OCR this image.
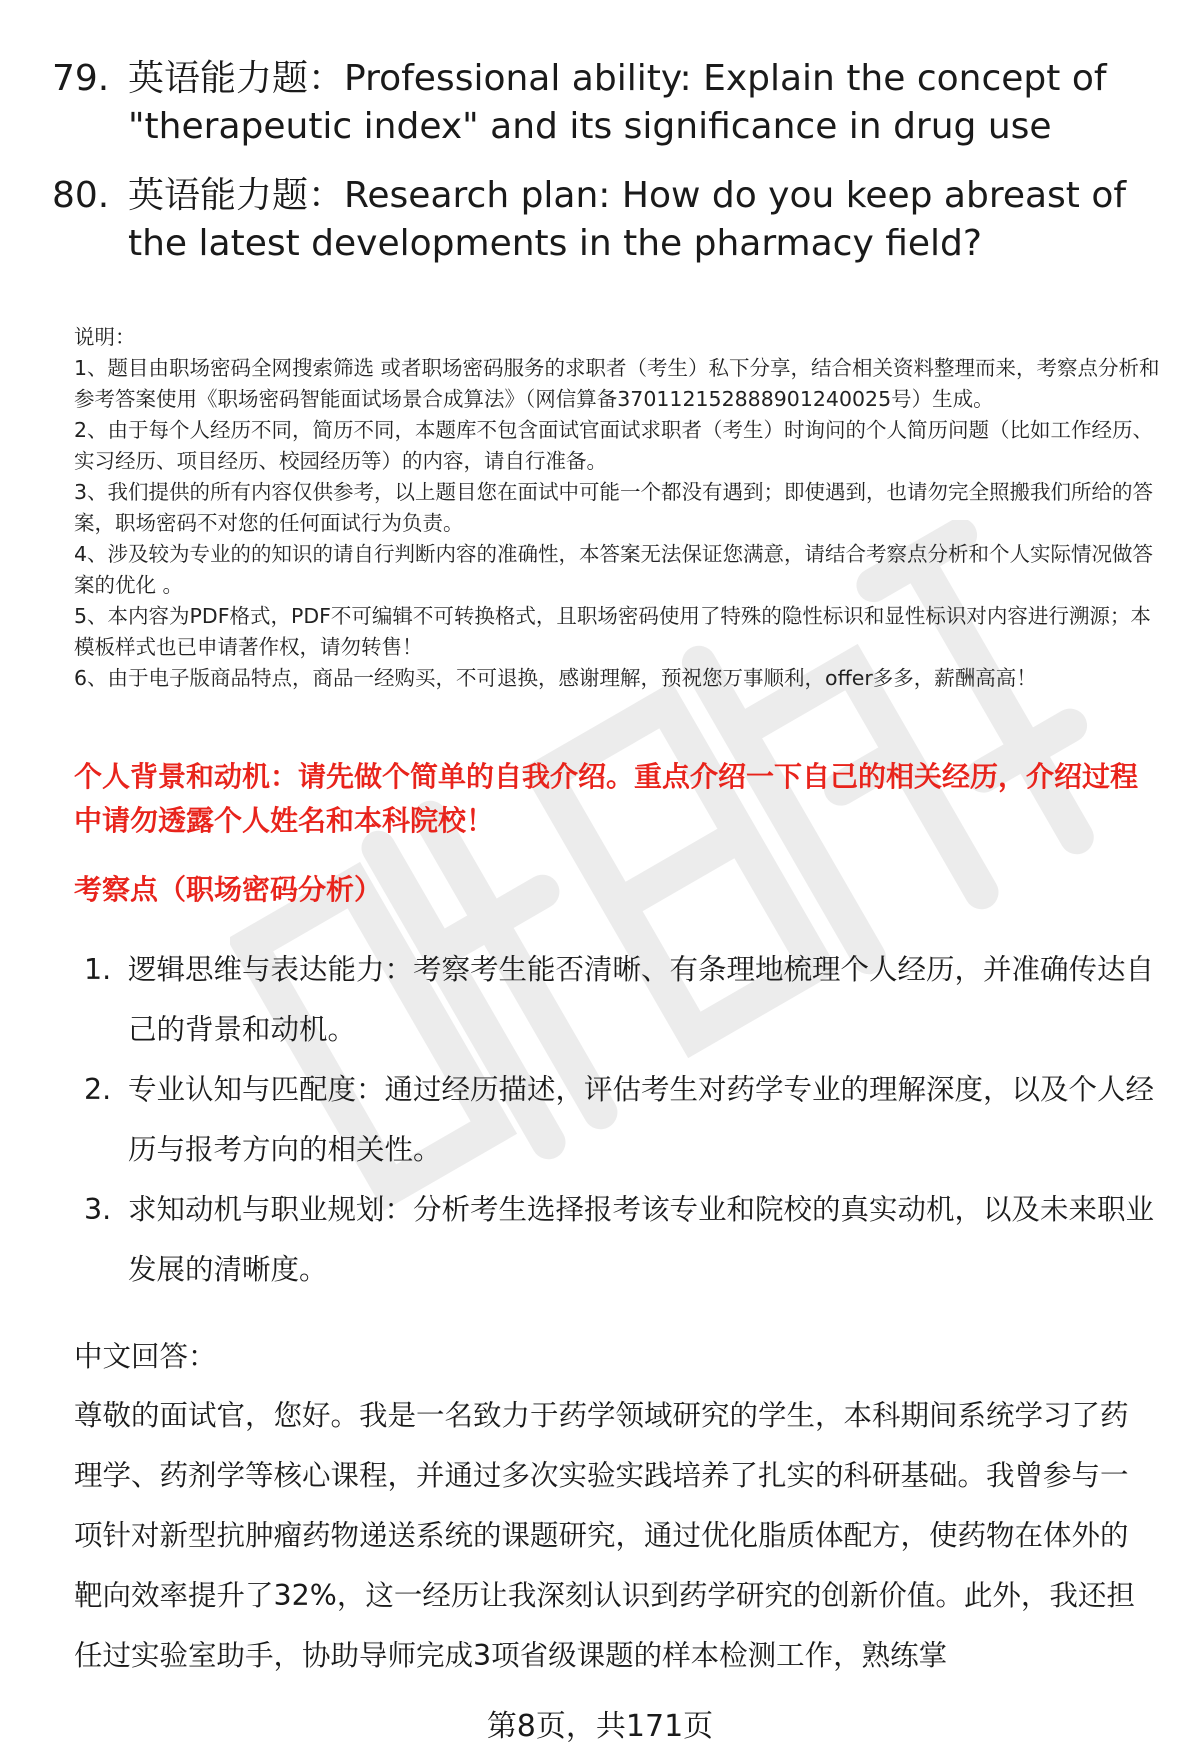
79. 英语能力题：Professional ability: Explain the concept of "therapeutic index" and its significance in drug use
80. 英语能力题：Research plan: How do you keep abreast of the latest developments in the pharmacy field?

说明：

1、题目由职场密码全网搜索筛选 或者职场密码服务的求职者（考生）私下分享，结合相关资料整理而来，考察点分析和参考答案使用《职场密码智能面试场景合成算法》（网信算备370112152888901240025号）生成。

2、由于每个人经历不同，简历不同，本题库不包含面试官面试求职者（考生）时询问的个人简历问题（比如工作经历、实习经历、项目经历、校园经历等）的内容，请自行准备。

3、我们提供的所有内容仅供参考，以上题目您在面试中可能一个都没有遇到；即使遇到，也请勿完全照搬我们所给的答案，职场密码不对您的任何面试行为负责。

4、涉及较为专业的的知识的请自行判断内容的准确性，本答案无法保证您满意，请结合考察点分析和个人实际情况做答案的优化 。

5、本内容为PDF格式，PDF不可编辑不可转换格式，且职场密码使用了特殊的隐性标识和显性标识对内容进行溯源；本模板样式也已申请著作权，请勿转售！

6、由于电子版商品特点，商品一经购买，不可退换，感谢理解，预祝您万事顺利，offer多多，薪酬高高！

个人背景和动机：请先做个简单的自我介绍。重点介绍一下自己的相关经历，介绍过程中请勿透露个人姓名和本科院校！
考察点（职场密码分析）
1. 逻辑思维与表达能力：考察考生能否清晰、有条理地梳理个人经历，并准确传达自己的背景和动机。
2. 专业认知与匹配度：通过经历描述，评估考生对药学专业的理解深度，以及个人经历与报考方向的相关性。
3. 求知动机与职业规划：分析考生选择报考该专业和院校的真实动机，以及未来职业发展的清晰度。
中文回答：

尊敬的面试官，您好。我是一名致力于药学领域研究的学生，本科期间系统学习了药理学、药剂学等核心课程，并通过多次实验实践培养了扎实的科研基础。我曾参与一项针对新型抗肿瘤药物递送系统的课题研究，通过优化脂质体配方，使药物在体外的靶向效率提升了32%，这一经历让我深刻认识到药学研究的创新价值。此外，我还担任过实验室助手，协助导师完成3项省级课题的样本检测工作，熟练掌

第8页，共171页
